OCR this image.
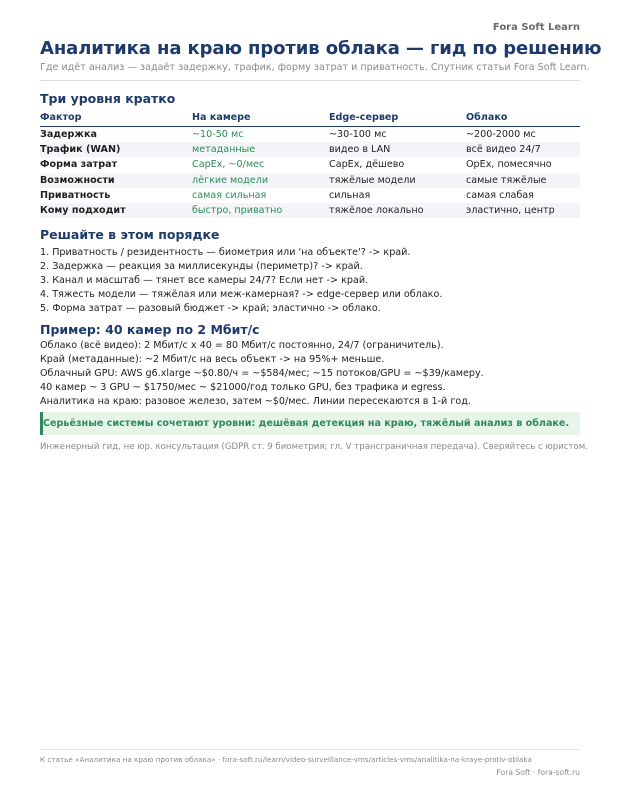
Fora Soft Learn
Аналитика на краю против облака — гид по решению
Где идёт анализ — задаёт задержку, трафик, форму затрат и приватность. Спутник статьи Fora Soft Learn.
Три уровня кратко
Фактор	На камере	Edge-сервер	Облако
Задержка	~10-50 мс	~30-100 мс	~200-2000 мс
Трафик (WAN)	метаданные	видео в LAN	всё видео 24/7
Форма затрат	CapEx, ~0/мес	CapEx, дёшево	OpEx, помесячно
Возможности	лёгкие модели	тяжёлые модели	самые тяжёлые
Приватность	самая сильная	сильная	самая слабая
Кому подходит	быстро, приватно	тяжёлое локально	эластично, центр
Решайте в этом порядке
1. Приватность / резидентность — биометрия или 'на объекте'? -> край.
2. Задержка — реакция за миллисекунды (периметр)? -> край.
3. Канал и масштаб — тянет все камеры 24/7? Если нет -> край.
4. Тяжесть модели — тяжёлая или меж-камерная? -> edge-сервер или облако.
5. Форма затрат — разовый бюджет -> край; эластично -> облако.
Пример: 40 камер по 2 Мбит/с
Облако (всё видео): 2 Мбит/с x 40 = 80 Мбит/с постоянно, 24/7 (ограничитель).
Край (метаданные): ~2 Мбит/с на весь объект -> на 95%+ меньше.
Облачный GPU: AWS g6.xlarge ~$0.80/ч = ~$584/мес; ~15 потоков/GPU = ~$39/камеру.
40 камер ~ 3 GPU ~ $1750/мес ~ $21000/год только GPU, без трафика и egress.
Аналитика на краю: разовое железо, затем ~$0/мес. Линии пересекаются в 1-й год.
Серьёзные системы сочетают уровни: дешёвая детекция на краю, тяжёлый анализ в облаке.
Инженерный гид, не юр. консультация (GDPR ст. 9 биометрия; гл. V трансграничная передача). Сверяйтесь с юристом.
К статье «Аналитика на краю против облака» · fora-soft.ru/learn/video-surveillance-vms/articles-vms/analitika-na-kraye-protiv-oblaka
Fora Soft · fora-soft.ru
